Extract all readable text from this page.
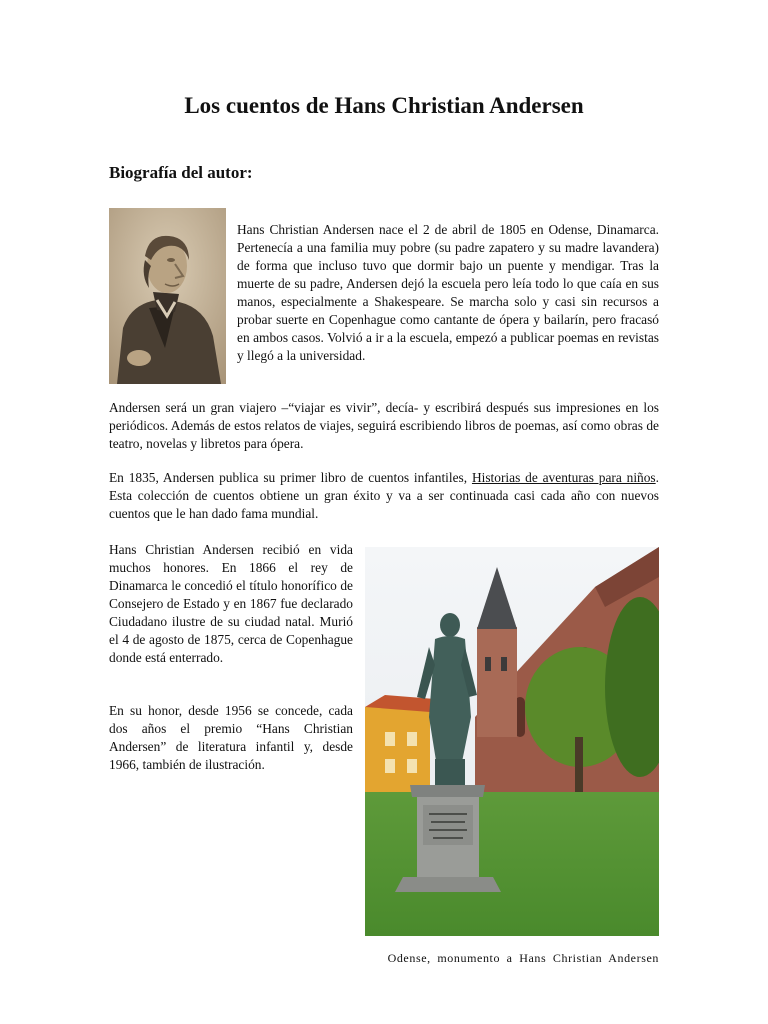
Los cuentos de Hans Christian Andersen
Biografía del autor:

Hans Christian Andersen nace el 2 de abril de 1805 en Odense, Dinamarca. Pertenecía a una familia muy pobre (su padre zapatero y su madre lavandera) de forma que incluso tuvo que dormir bajo un puente y mendigar. Tras la muerte de su padre, Andersen dejó la escuela pero leía todo lo que caía en sus manos, especialmente a Shakespeare. Se marcha solo y casi sin recursos a probar suerte en Copenhague como cantante de ópera y bailarín, pero fracasó en ambos casos. Volvió a ir a la escuela, empezó a publicar poemas en revistas y llegó a la universidad.

Andersen será un gran viajero –“viajar es vivir”, decía- y escribirá después sus impresiones en los periódicos. Además de estos relatos de viajes, seguirá escribiendo libros de poemas, así como obras de teatro, novelas y libretos para ópera.

En 1835, Andersen publica su primer libro de cuentos infantiles, Historias de aventuras para niños. Esta colección de cuentos obtiene un gran éxito y va a ser continuada casi cada año con nuevos cuentos que le han dado fama mundial.

Hans Christian Andersen recibió en vida muchos honores. En 1866 el rey de Dinamarca le concedió el título honorífico de Consejero de Estado y en 1867 fue declarado Ciudadano ilustre de su ciudad natal. Murió el 4 de agosto de 1875, cerca de Copenhague donde está enterrado.

En su honor, desde 1956 se concede, cada dos años el premio “Hans Christian Andersen” de literatura infantil y, desde 1966, también de ilustración.

Odense, monumento a Hans Christian Andersen
